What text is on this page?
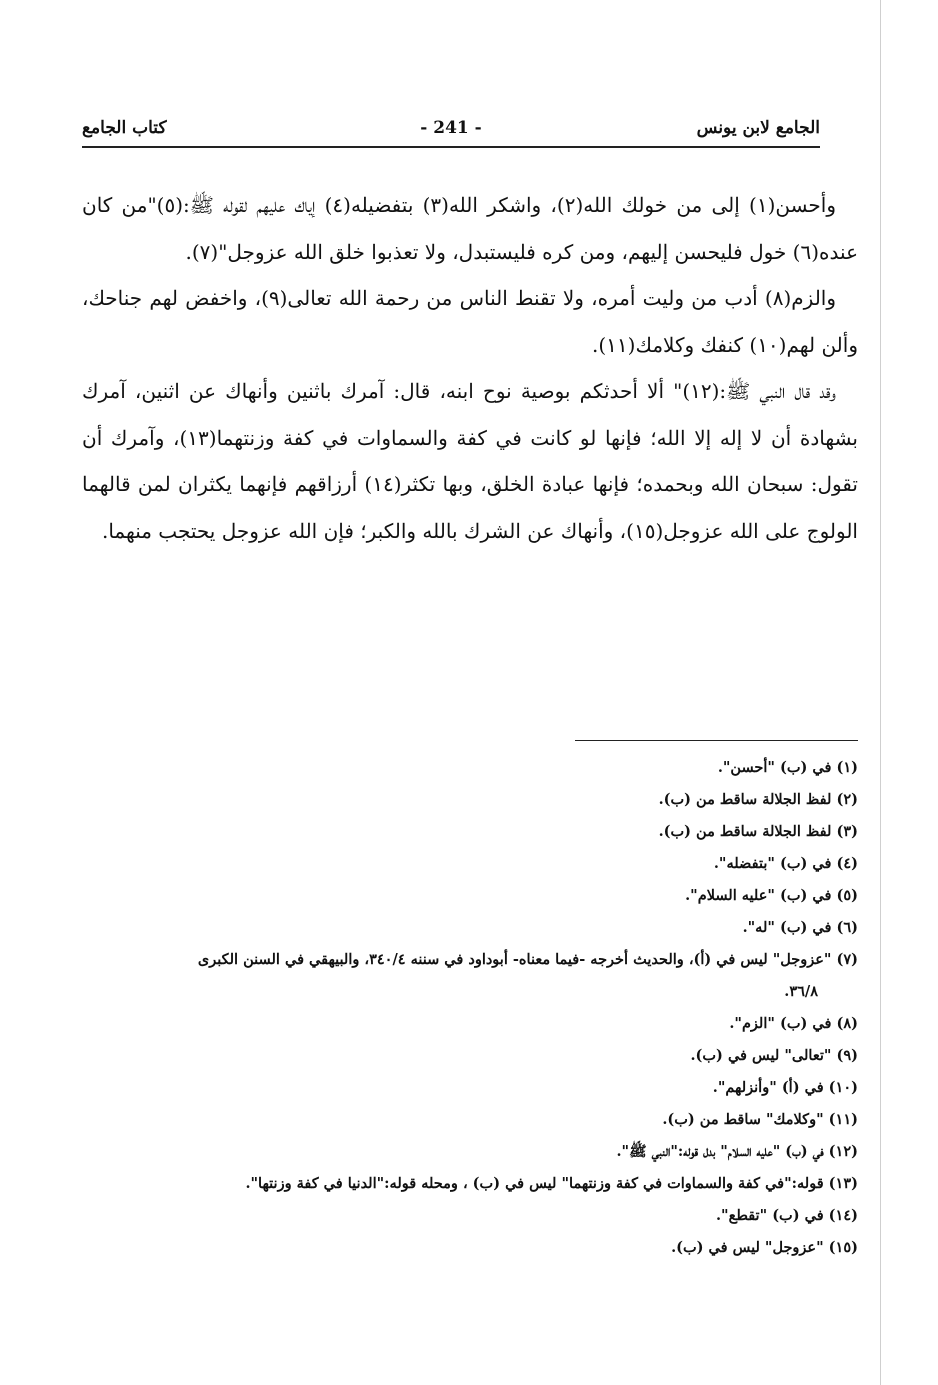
الجامع لابن يونس
- 241 -
كتاب الجامع

وأحسن(١) إلى من خولك الله(٢)، واشكر الله(٣) بتفضيله(٤) إياك عليهم لقوله ﷺ:(٥)"من كان عنده(٦) خول فليحسن إليهم، ومن كره فليستبدل، ولا تعذبوا خلق الله عزوجل"(٧).

والزم(٨) أدب من وليت أمره، ولا تقنط الناس من رحمة الله تعالى(٩)، واخفض لهم جناحك، وألن لهم(١٠) كنفك وكلامك(١١).

وقد قال النبي ﷺ:(١٢)" ألا أحدثكم بوصية نوح ابنه، قال: آمرك باثنين وأنهاك عن اثنين، آمرك بشهادة أن لا إله إلا الله؛ فإنها لو كانت في كفة والسماوات في كفة وزنتهما(١٣)، وآمرك أن تقول: سبحان الله وبحمده؛ فإنها عبادة الخلق، وبها تكثر(١٤) أرزاقهم فإنهما يكثران لمن قالهما الولوج على الله عزوجل(١٥)، وأنهاك عن الشرك بالله والكبر؛ فإن الله عزوجل يحتجب منهما.

(١) في (ب) "أحسن".

(٢) لفظ الجلالة ساقط من (ب).

(٣) لفظ الجلالة ساقط من (ب).

(٤) في (ب) "بتفضله".

(٥) في (ب) "عليه السلام".

(٦) في (ب) "له".

(٧) "عزوجل" ليس في (أ)، والحديث أخرجه -فيما معناه- أبوداود في سننه ٣٤٠/٤، والبيهقي في السنن الكبرى

٣٦/٨.

(٨) في (ب) "الزم".

(٩) "تعالى" ليس في (ب).

(١٠) في (أ) "وأنزلهم".

(١١) "وكلامك" ساقط من (ب).

(١٢) في (ب) "عليه السلام" بدل قوله:"النبي ﷺ".

(١٣) قوله:"في كفة والسماوات في كفة وزنتهما" ليس في (ب) ، ومحله قوله:"الدنيا في كفة وزنتها".

(١٤) في (ب) "تقطع".

(١٥) "عزوجل" ليس في (ب).
